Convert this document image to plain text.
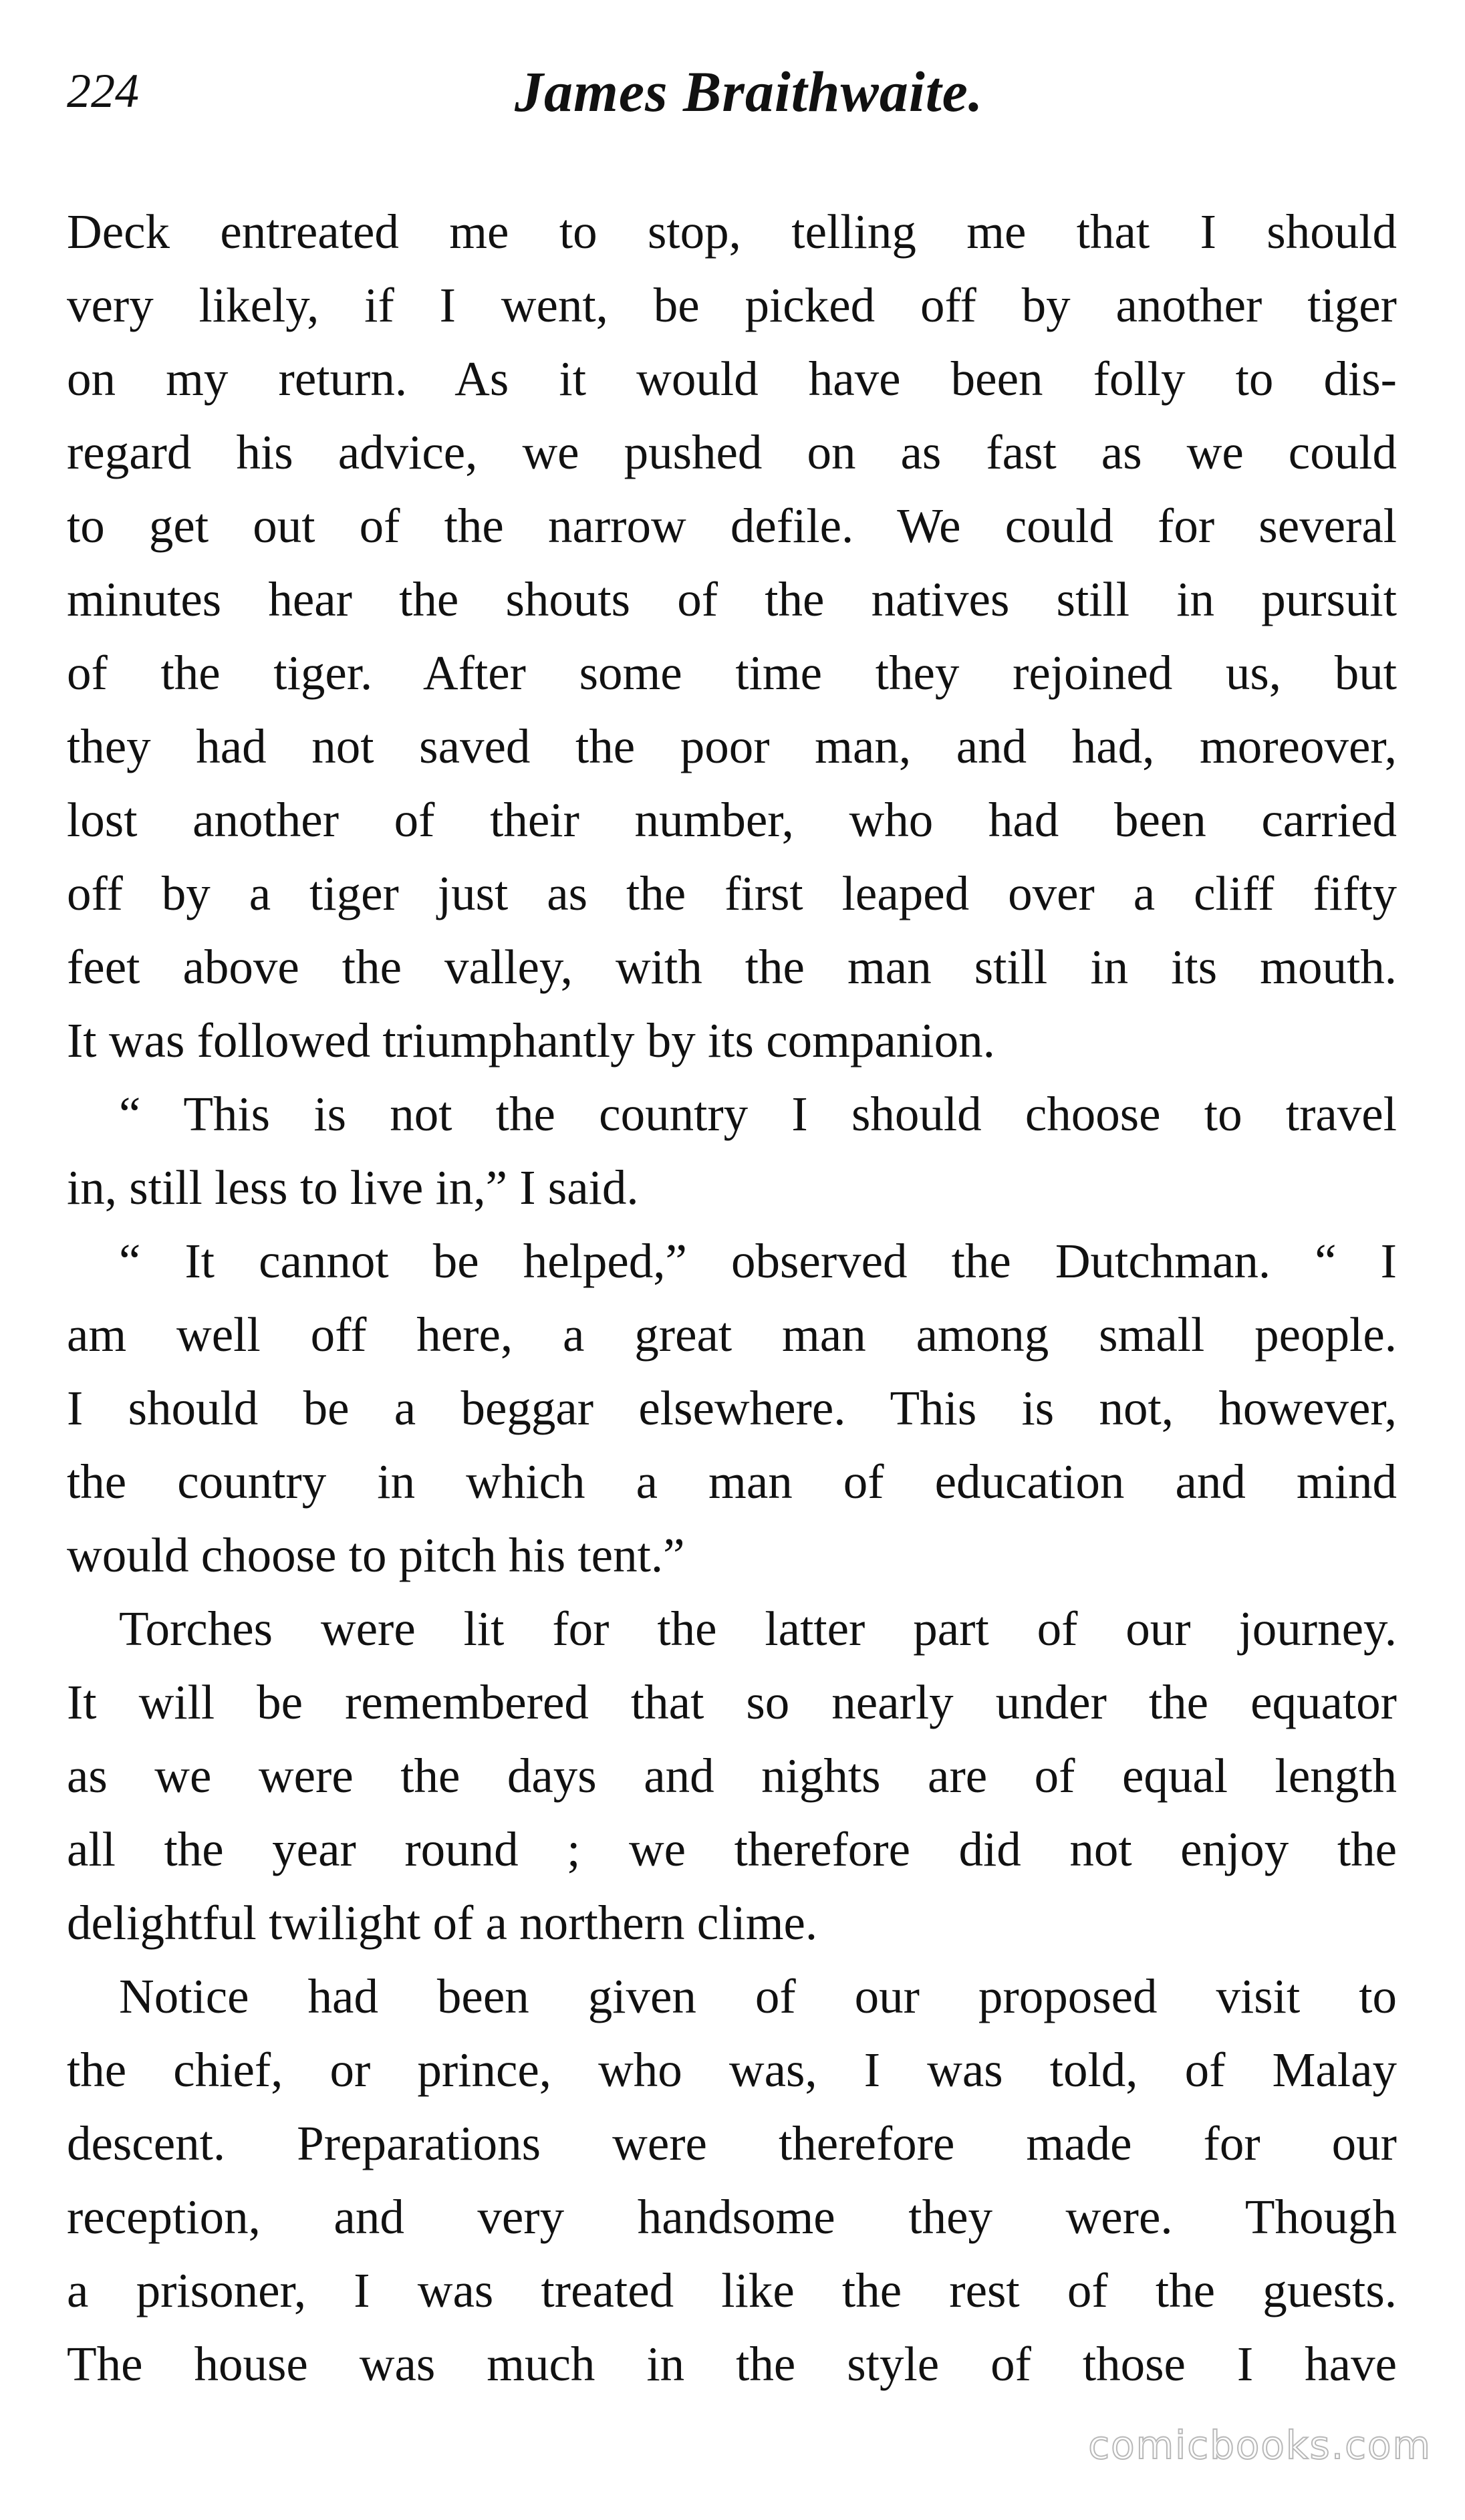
224	James Braithwaite.
Deck entreated me to stop, telling me that I should
very likely, if I went, be picked off by another tiger
on my return. As it would have been folly to dis-
regard his advice, we pushed on as fast as we could
to get out of the narrow defile. We could for several
minutes hear the shouts of the natives still in pursuit
of the tiger. After some time they rejoined us, but
they had not saved the poor man, and had, moreover,
lost another of their number, who had been carried
off by a tiger just as the first leaped over a cliff fifty
feet above the valley, with the man still in its mouth.
It was followed triumphantly by its companion.
“ This is not the country I should choose to travel
in, still less to live in,” I said.
“ It cannot be helped,” observed the Dutchman. “ I
am well off here, a great man among small people.
I should be a beggar elsewhere. This is not, however,
the country in which a man of education and mind
would choose to pitch his tent.”
Torches were lit for the latter part of our journey.
It will be remembered that so nearly under the equator
as we were the days and nights are of equal length
all the year round ; we therefore did not enjoy the
delightful twilight of a northern clime.
Notice had been given of our proposed visit to
the chief, or prince, who was, I was told, of Malay
descent. Preparations were therefore made for our
reception, and very handsome they were. Though
a prisoner, I was treated like the rest of the guests.
The house was much in the style of those I have
comicbooks.com
